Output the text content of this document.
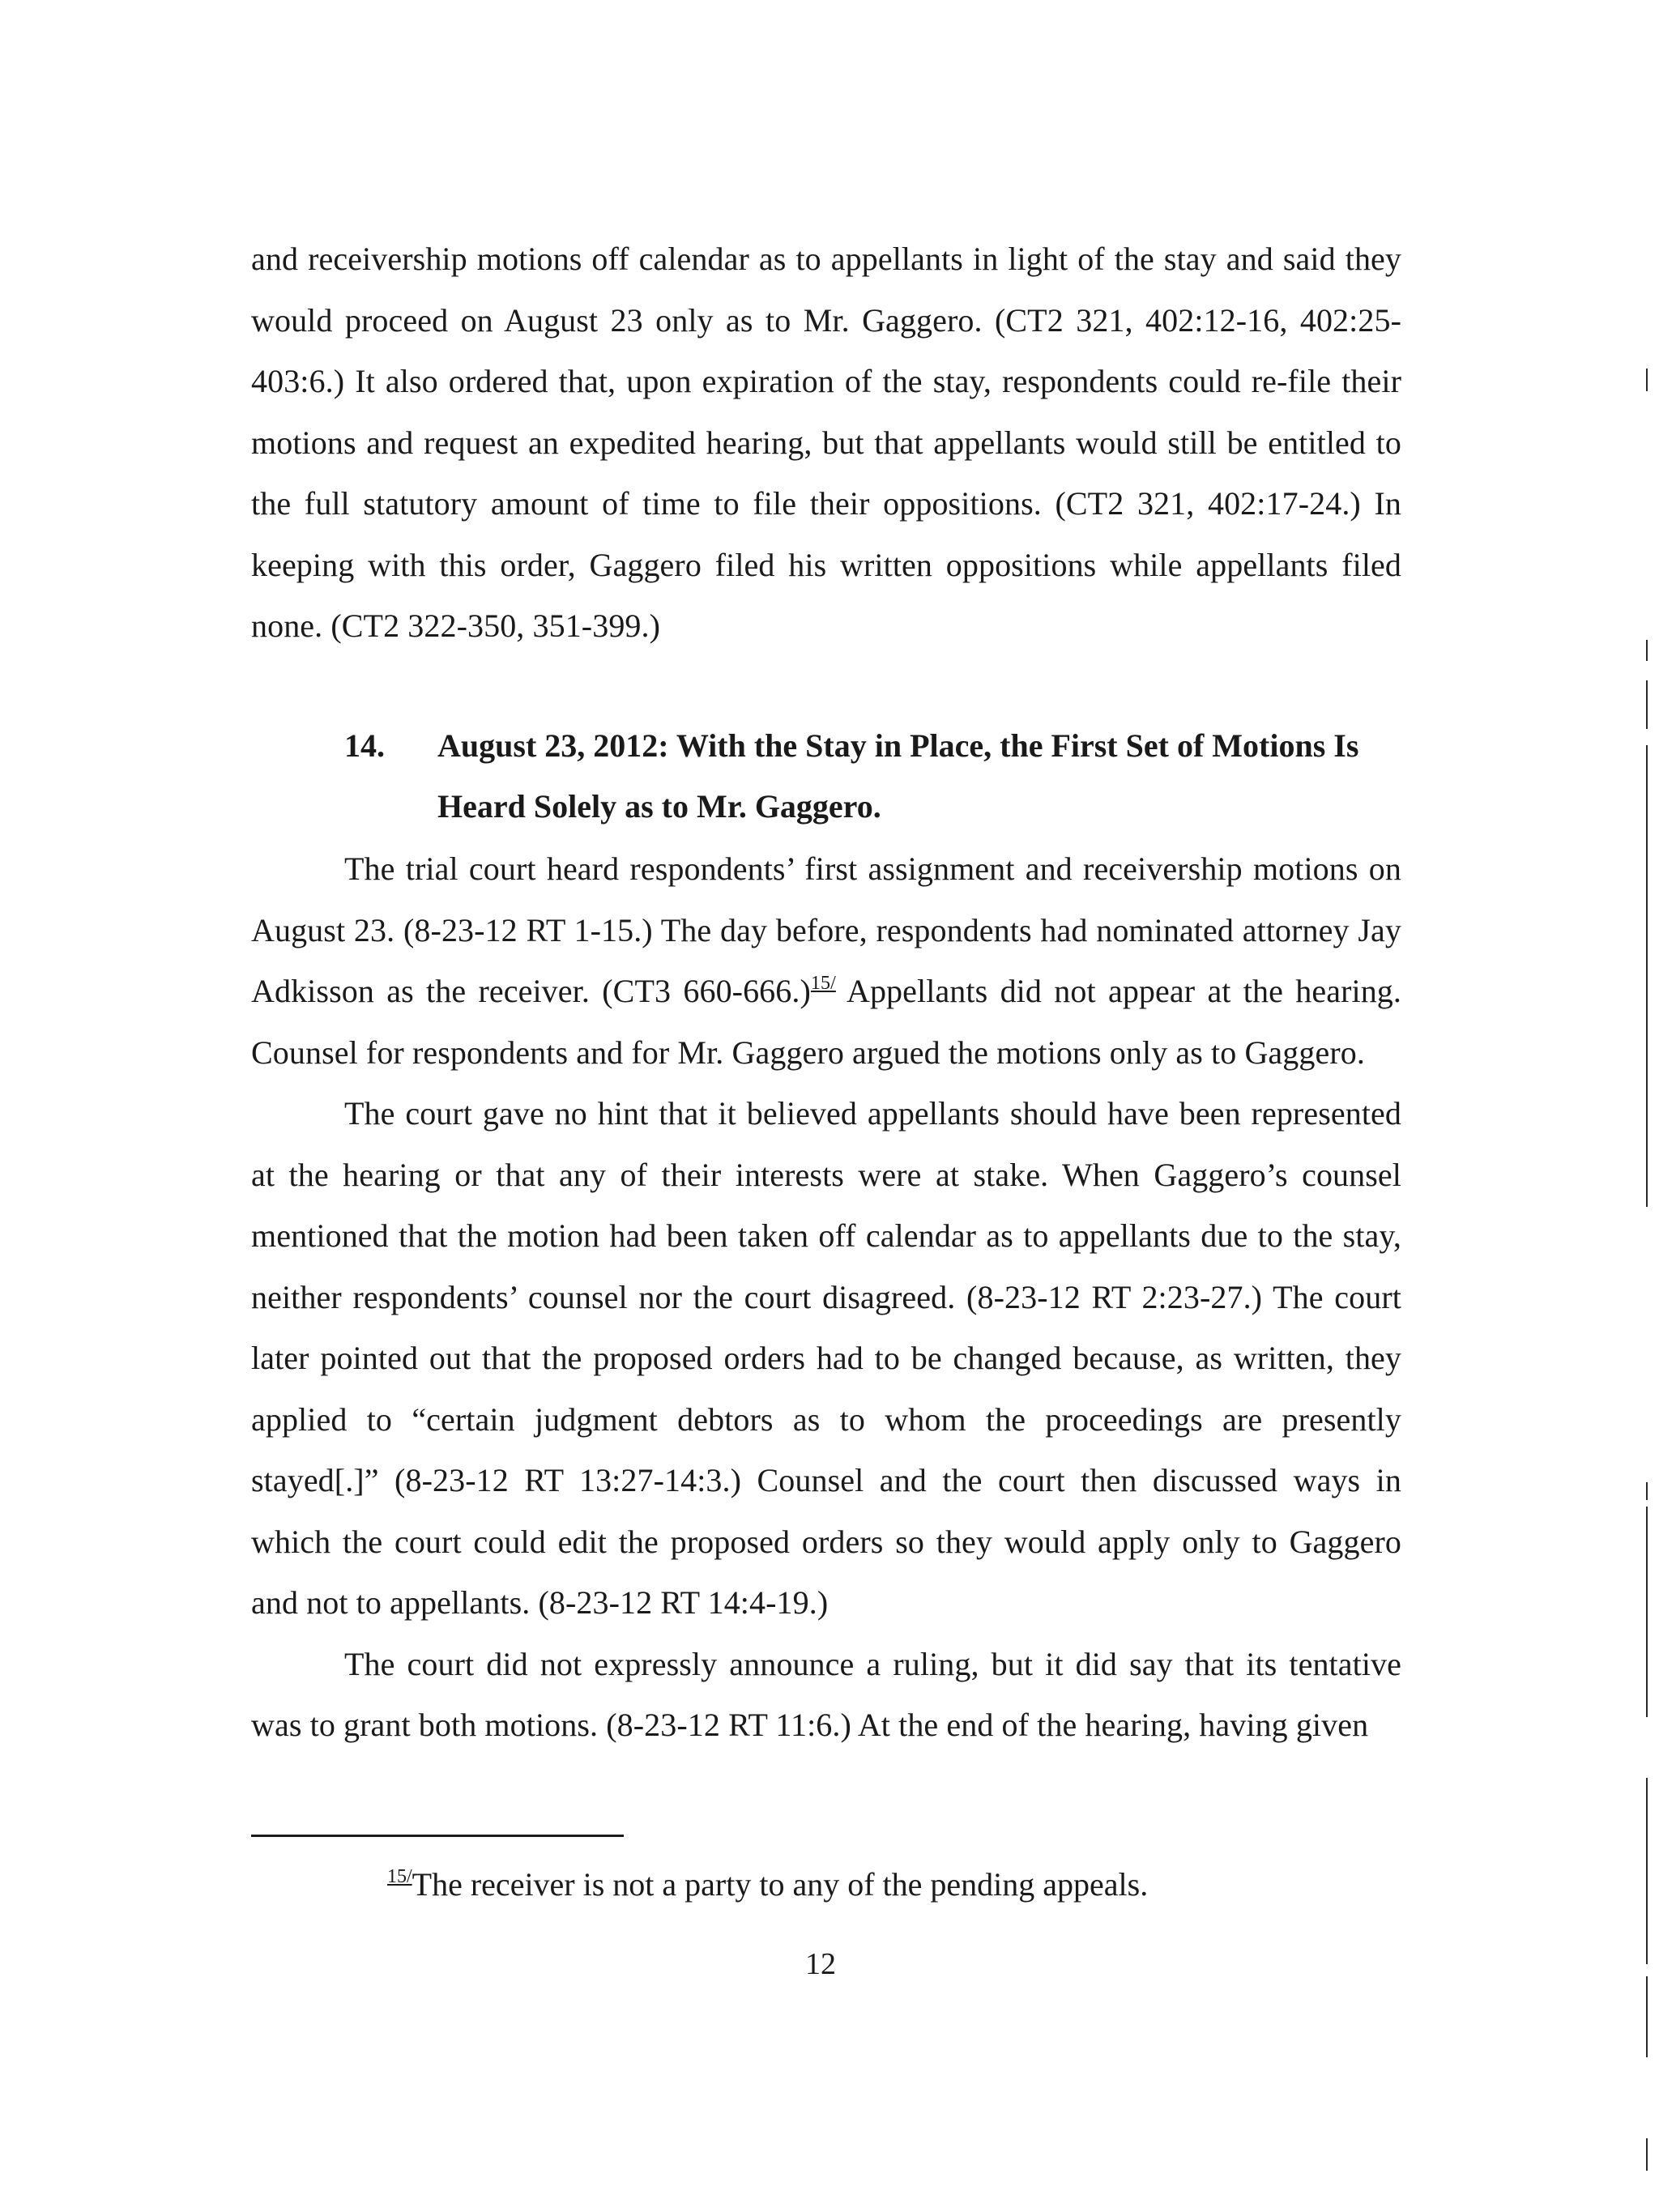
and receivership motions off calendar as to appellants in light of the stay and said they would proceed on August 23 only as to Mr. Gaggero. (CT2 321, 402:12-16, 402:25-403:6.) It also ordered that, upon expiration of the stay, respondents could re-file their motions and request an expedited hearing, but that appellants would still be entitled to the full statutory amount of time to file their oppositions. (CT2 321, 402:17-24.) In keeping with this order, Gaggero filed his written oppositions while appellants filed none. (CT2 322-350, 351-399.)

14. August 23, 2012: With the Stay in Place, the First Set of Motions Is Heard Solely as to Mr. Gaggero.

The trial court heard respondents’ first assignment and receivership motions on August 23. (8-23-12 RT 1-15.) The day before, respondents had nominated attorney Jay Adkisson as the receiver. (CT3 660-666.)$^{15/}$ Appellants did not appear at the hearing. Counsel for respondents and for Mr. Gaggero argued the motions only as to Gaggero.

The court gave no hint that it believed appellants should have been represented at the hearing or that any of their interests were at stake. When Gaggero’s counsel mentioned that the motion had been taken off calendar as to appellants due to the stay, neither respondents’ counsel nor the court disagreed. (8-23-12 RT 2:23-27.) The court later pointed out that the proposed orders had to be changed because, as written, they applied to “certain judgment debtors as to whom the proceedings are presently stayed[.]” (8-23-12 RT 13:27-14:3.) Counsel and the court then discussed ways in which the court could edit the proposed orders so they would apply only to Gaggero and not to appellants. (8-23-12 RT 14:4-19.)

The court did not expressly announce a ruling, but it did say that its tentative was to grant both motions. (8-23-12 RT 11:6.) At the end of the hearing, having given

$^{15/}$The receiver is not a party to any of the pending appeals.
12
